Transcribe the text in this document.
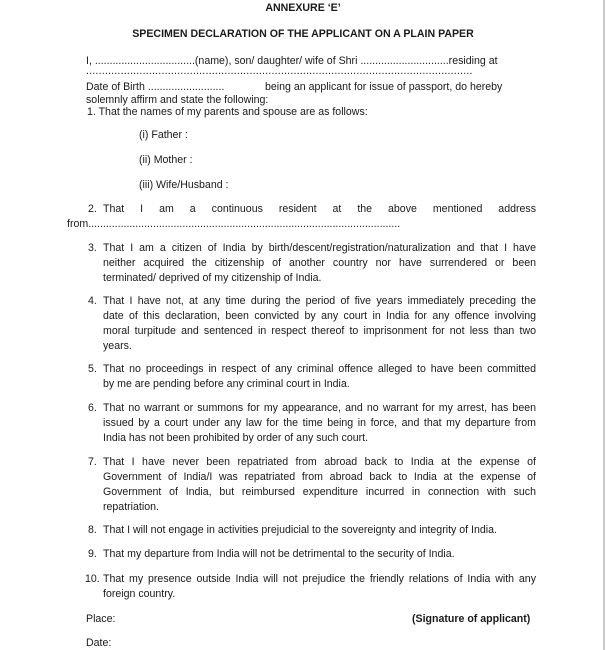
ANNEXURE ‘E’
SPECIMEN DECLARATION OF THE APPLICANT ON A PLAIN PAPER
I, ..................................(name), son/ daughter/ wife of Shri ..............................residing at
...........................................................................................................................
Date of Birth ..........................	being an applicant for issue of passport, do hereby
solemnly affirm and state the following:
1. That the names of my parents and spouse are as follows:
(i) Father :
(ii) Mother :
(iii) Wife/Husband :
2. That I am a continuous resident at the above mentioned address
from..........................................................................................................
3. That I am a citizen of India by birth/descent/registration/naturalization and that I have
neither acquired the citizenship of another country nor have surrendered or been
terminated/ deprived of my citizenship of India.
4. That I have not, at any time during the period of five years immediately preceding the
date of this declaration, been convicted by any court in India for any offence involving
moral turpitude and sentenced in respect thereof to imprisonment for not less than two
years.
5. That no proceedings in respect of any criminal offence alleged to have been committed
by me are pending before any criminal court in India.
6. That no warrant or summons for my appearance, and no warrant for my arrest, has been
issued by a court under any law for the time being in force, and that my departure from
India has not been prohibited by order of any such court.
7. That I have never been repatriated from abroad back to India at the expense of
Government of India/I was repatriated from abroad back to India at the expense of
Government of India, but reimbursed expenditure incurred in connection with such
repatriation.
8. That I will not engage in activities prejudicial to the sovereignty and integrity of India.
9. That my departure from India will not be detrimental to the security of India.
10. That my presence outside India will not prejudice the friendly relations of India with any
foreign country.
Place:	(Signature of applicant)
Date:
